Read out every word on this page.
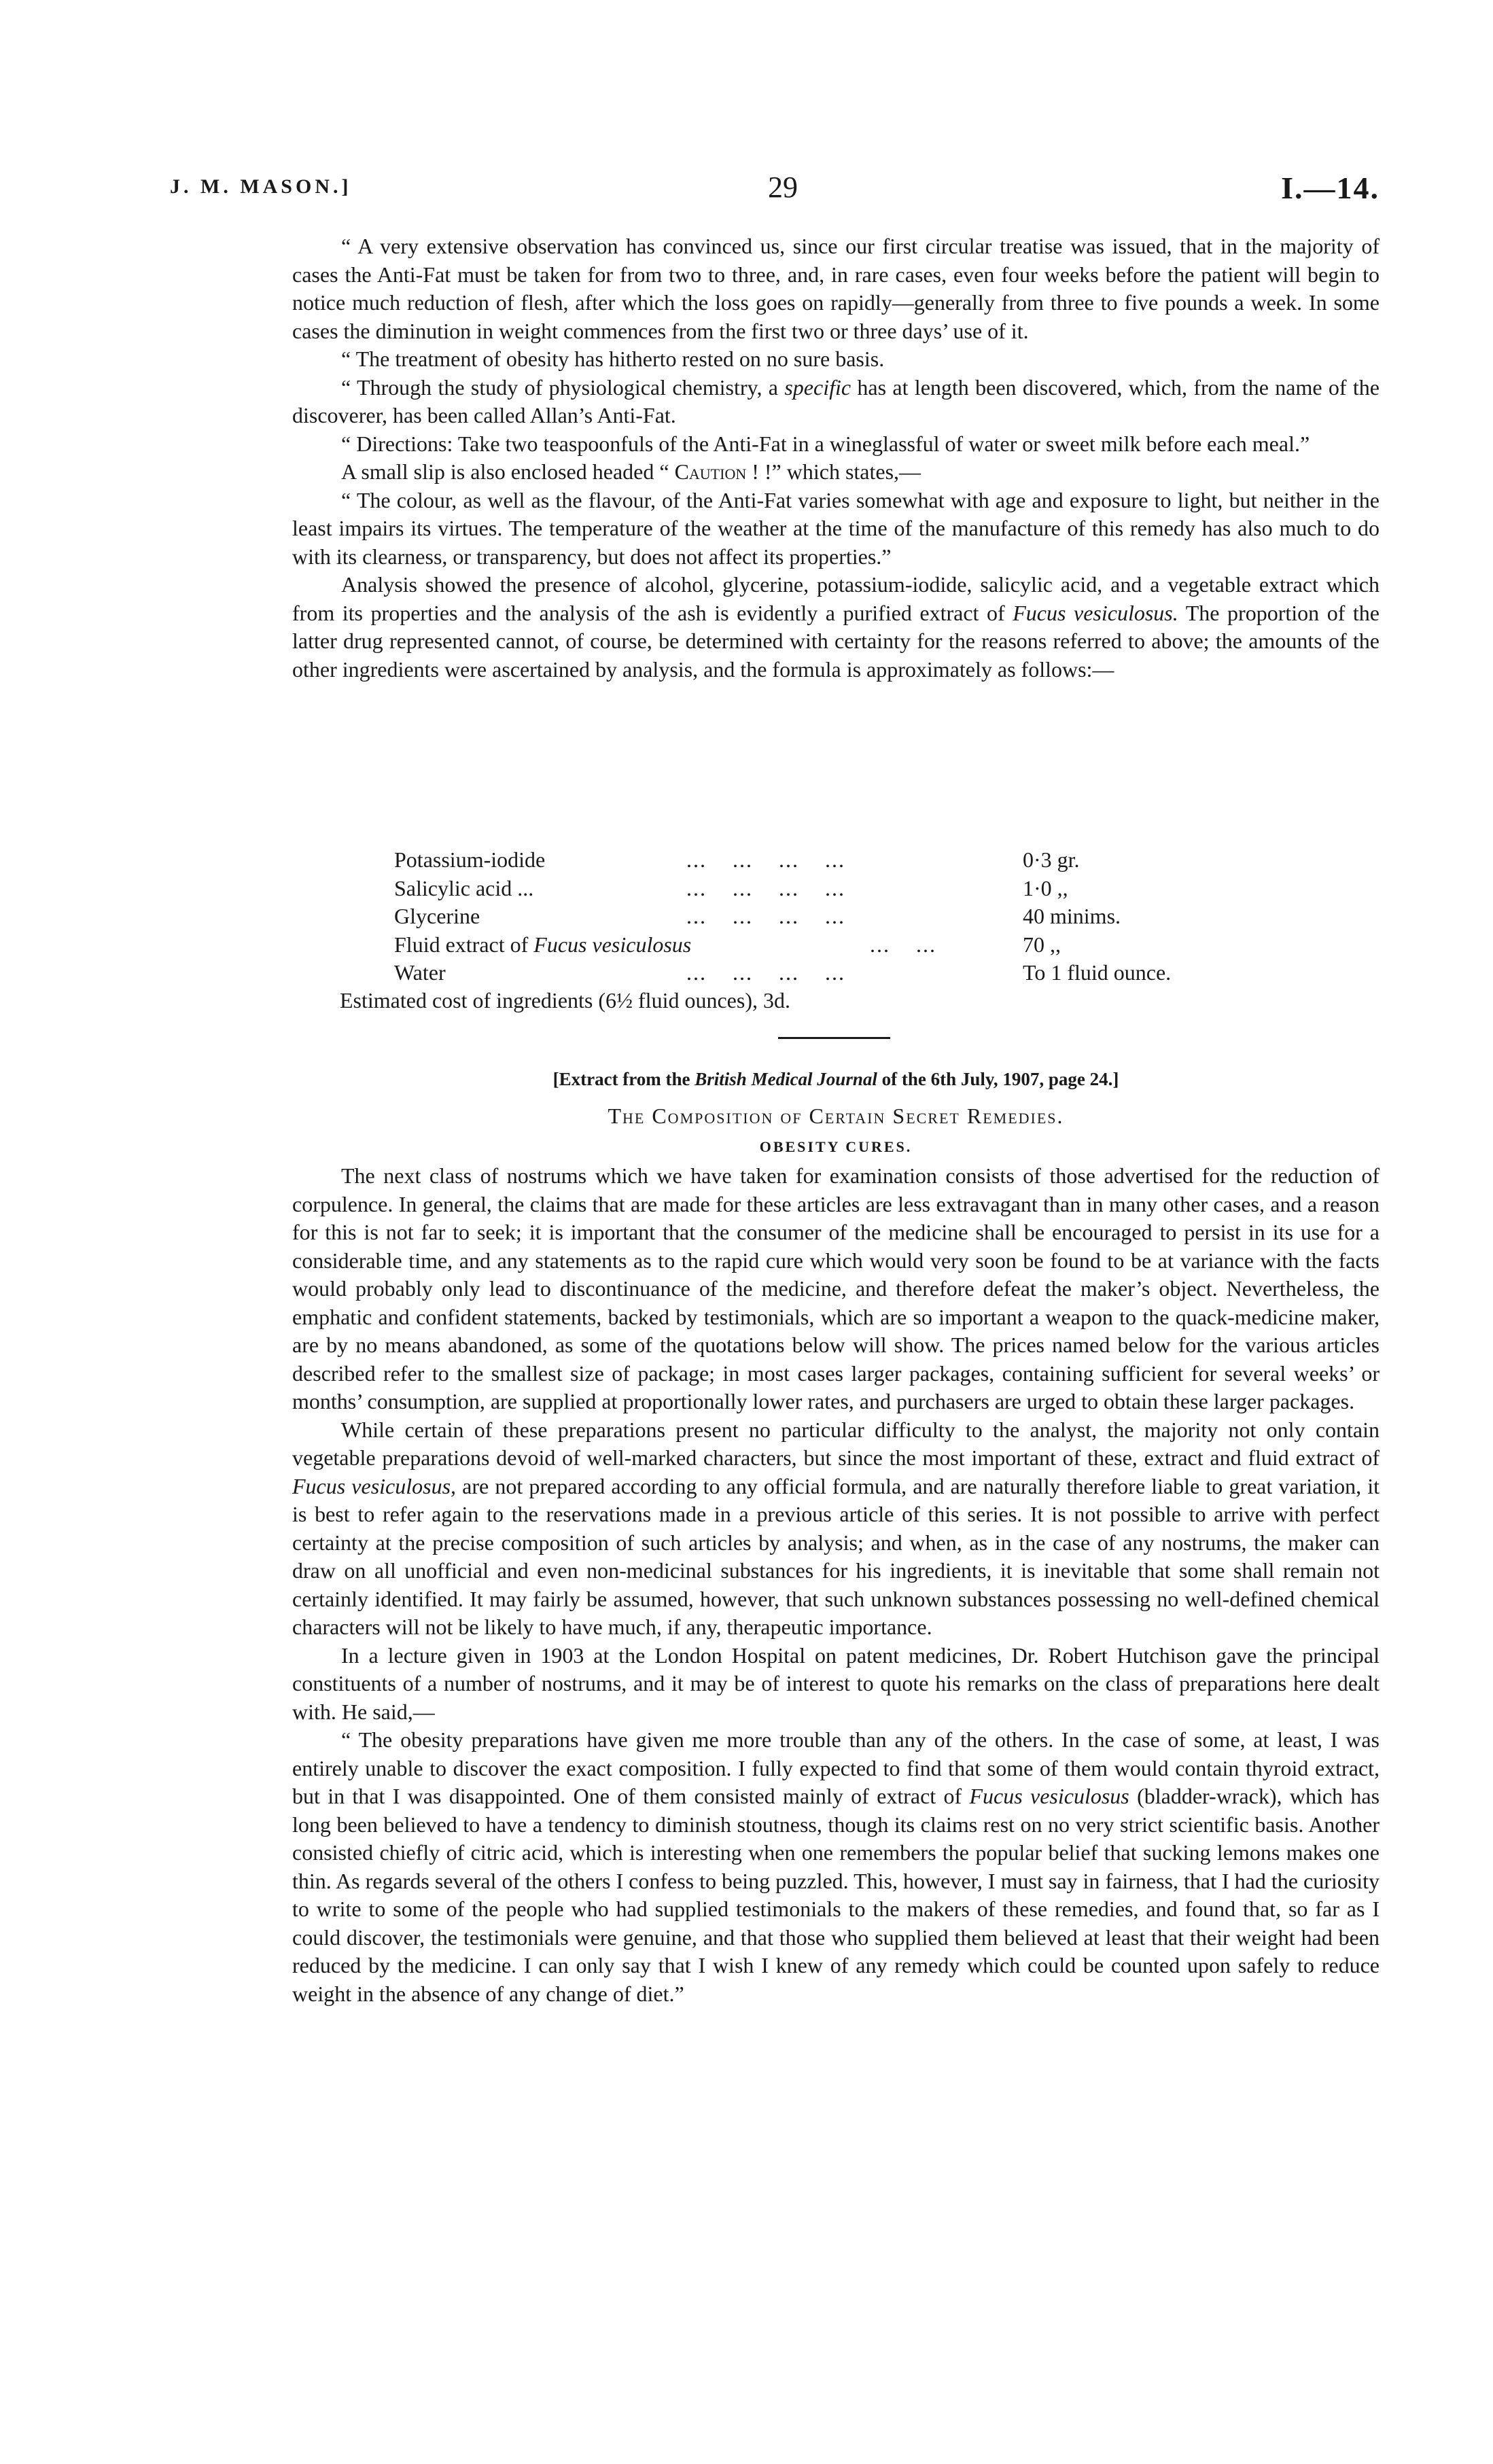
J. M. MASON.]	29	I.—14.

“ A very extensive observation has convinced us, since our first circular treatise was issued, that in the majority of cases the Anti-Fat must be taken for from two to three, and, in rare cases, even four weeks before the patient will begin to notice much reduction of flesh, after which the loss goes on rapidly—generally from three to five pounds a week. In some cases the diminution in weight commences from the first two or three days’ use of it.

“ The treatment of obesity has hitherto rested on no sure basis.

“ Through the study of physiological chemistry, a specific has at length been discovered, which, from the name of the discoverer, has been called Allan’s Anti-Fat.

“ Directions: Take two teaspoonfuls of the Anti-Fat in a wineglassful of water or sweet milk before each meal.”

A small slip is also enclosed headed “ Caution ! !” which states,—

“ The colour, as well as the flavour, of the Anti-Fat varies somewhat with age and exposure to light, but neither in the least impairs its virtues. The temperature of the weather at the time of the manufacture of this remedy has also much to do with its clearness, or transparency, but does not affect its properties.”

Analysis showed the presence of alcohol, glycerine, potassium-iodide, salicylic acid, and a vegetable extract which from its properties and the analysis of the ash is evidently a purified extract of Fucus vesiculosus. The proportion of the latter drug represented cannot, of course, be determined with certainty for the reasons referred to above; the amounts of the other ingredients were ascertained by analysis, and the formula is approximately as follows:—

Potassium-iodide	... ... ... ...	0·3 gr.
Salicylic acid ...	... ... ... ...	1·0 ,,
Glycerine	... ... ... ...	40 minims.
Fluid extract of Fucus vesiculosus	... ...	70 ,,
Water	... ... ... ...	To 1 fluid ounce.
Estimated cost of ingredients (6½ fluid ounces), 3d.
[Extract from the British Medical Journal of the 6th July, 1907, page 24.]
The Composition of Certain Secret Remedies.
OBESITY CURES.

The next class of nostrums which we have taken for examination consists of those advertised for the reduction of corpulence. In general, the claims that are made for these articles are less extravagant than in many other cases, and a reason for this is not far to seek; it is important that the consumer of the medicine shall be encouraged to persist in its use for a considerable time, and any statements as to the rapid cure which would very soon be found to be at variance with the facts would probably only lead to discontinuance of the medicine, and therefore defeat the maker’s object. Nevertheless, the emphatic and confident statements, backed by testimonials, which are so important a weapon to the quack-medicine maker, are by no means abandoned, as some of the quotations below will show. The prices named below for the various articles described refer to the smallest size of package; in most cases larger packages, containing sufficient for several weeks’ or months’ consumption, are supplied at proportionally lower rates, and purchasers are urged to obtain these larger packages.

While certain of these preparations present no particular difficulty to the analyst, the majority not only contain vegetable preparations devoid of well-marked characters, but since the most important of these, extract and fluid extract of Fucus vesiculosus, are not prepared according to any official formula, and are naturally therefore liable to great variation, it is best to refer again to the reservations made in a previous article of this series. It is not possible to arrive with perfect certainty at the precise composition of such articles by analysis; and when, as in the case of any nostrums, the maker can draw on all unofficial and even non-medicinal substances for his ingredients, it is inevitable that some shall remain not certainly identified. It may fairly be assumed, however, that such unknown substances possessing no well-defined chemical characters will not be likely to have much, if any, therapeutic importance.

In a lecture given in 1903 at the London Hospital on patent medicines, Dr. Robert Hutchison gave the principal constituents of a number of nostrums, and it may be of interest to quote his remarks on the class of preparations here dealt with. He said,—

“ The obesity preparations have given me more trouble than any of the others. In the case of some, at least, I was entirely unable to discover the exact composition. I fully expected to find that some of them would contain thyroid extract, but in that I was disappointed. One of them consisted mainly of extract of Fucus vesiculosus (bladder-wrack), which has long been believed to have a tendency to diminish stoutness, though its claims rest on no very strict scientific basis. Another consisted chiefly of citric acid, which is interesting when one remembers the popular belief that sucking lemons makes one thin. As regards several of the others I confess to being puzzled. This, however, I must say in fairness, that I had the curiosity to write to some of the people who had supplied testimonials to the makers of these remedies, and found that, so far as I could discover, the testimonials were genuine, and that those who supplied them believed at least that their weight had been reduced by the medicine. I can only say that I wish I knew of any remedy which could be counted upon safely to reduce weight in the absence of any change of diet.”
